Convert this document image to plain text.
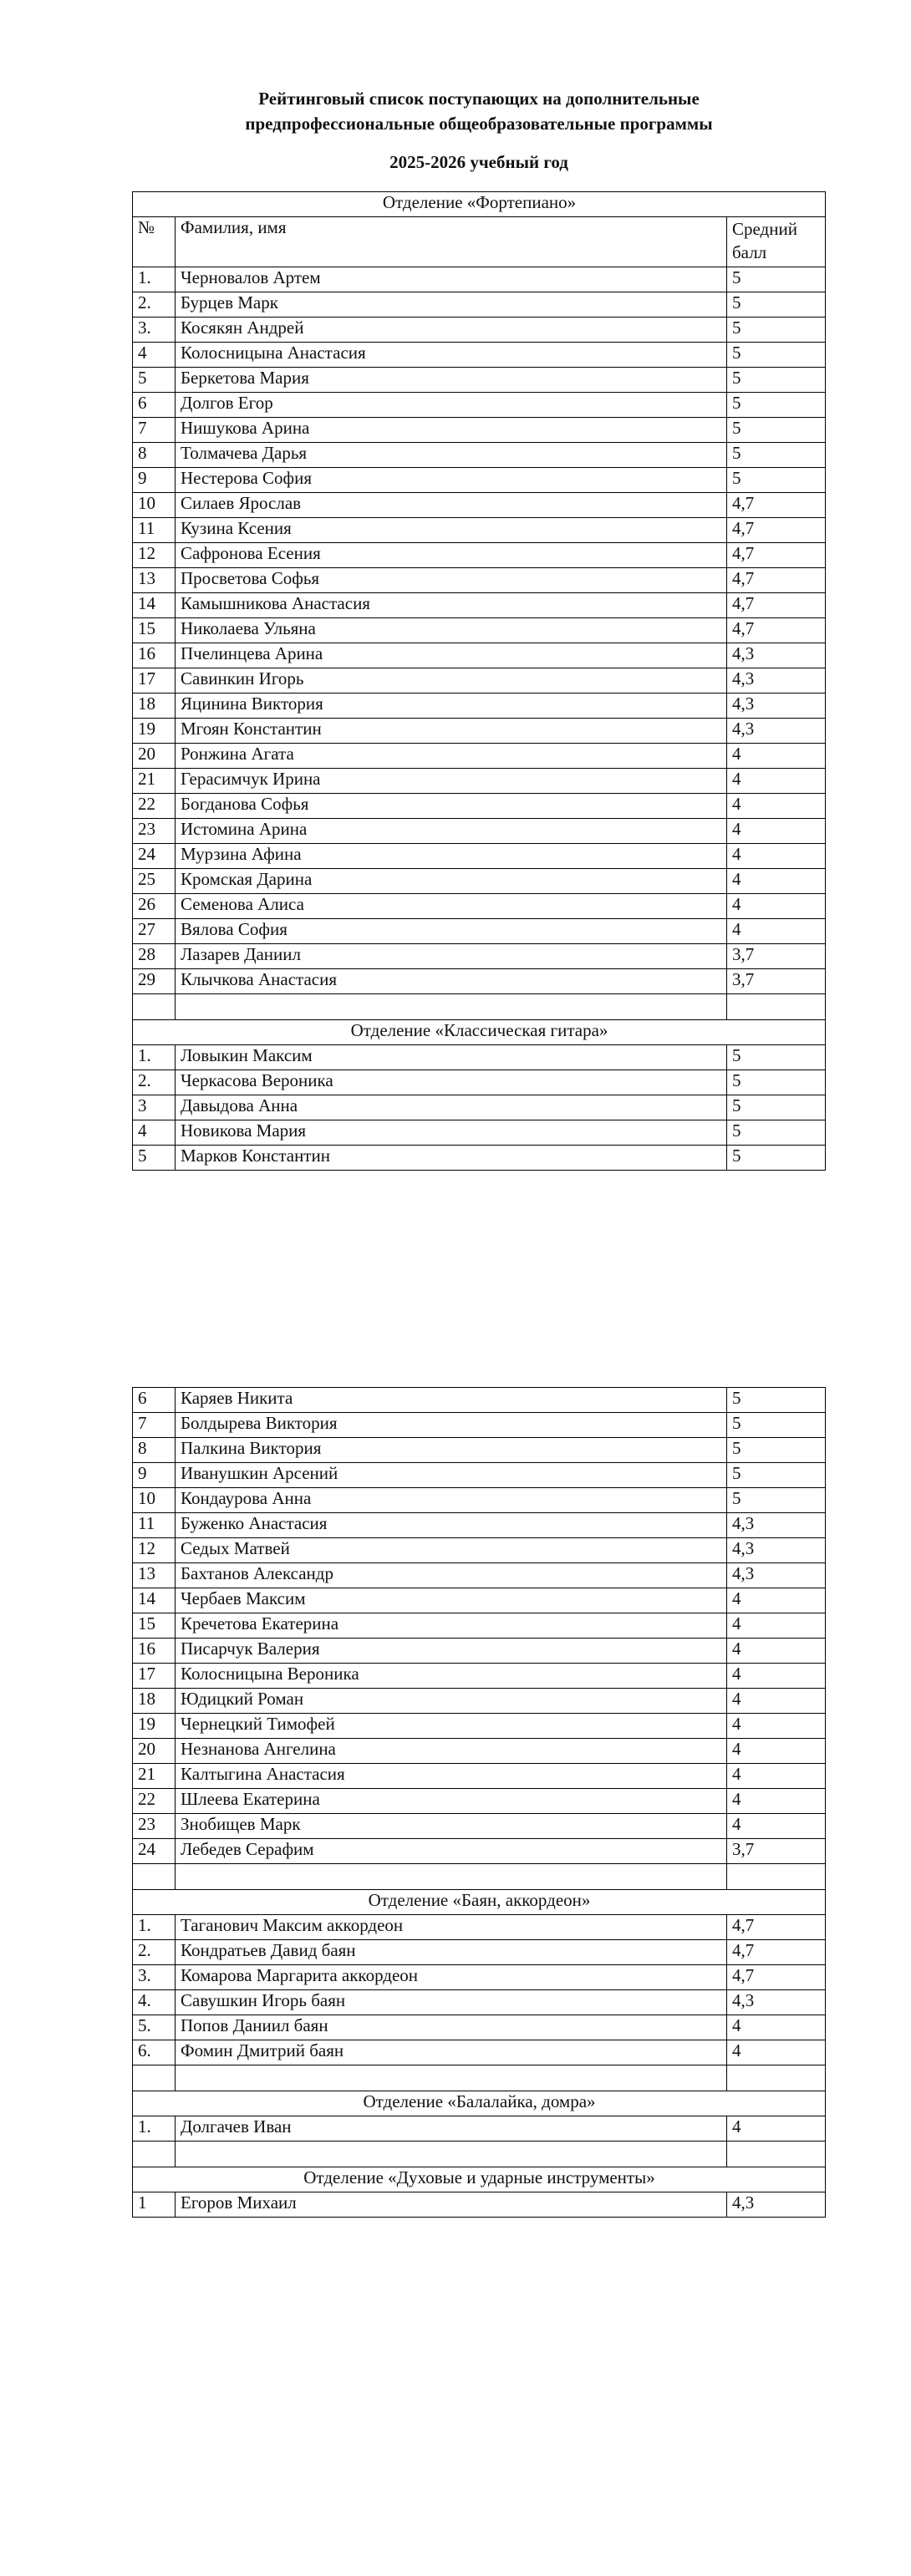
Рейтинговый список поступающих на дополнительные

предпрофессиональные общеобразовательные программы

2025-2026 учебный год

Отделение «Фортепиано»		
№	Фамилия, имя	Средний балл
1.	Черновалов Артем	5
2.	Бурцев Марк	5
3.	Косякян Андрей	5
4	Колосницына Анастасия	5
5	Беркетова Мария	5
6	Долгов Егор	5
7	Нишукова Арина	5
8	Толмачева Дарья	5
9	Нестерова София	5
10	Силаев Ярослав	4,7
11	Кузина Ксения	4,7
12	Сафронова Есения	4,7
13	Просветова Софья	4,7
14	Камышникова Анастасия	4,7
15	Николаева Ульяна	4,7
16	Пчелинцева Арина	4,3
17	Савинкин Игорь	4,3
18	Яцинина Виктория	4,3
19	Мгоян Константин	4,3
20	Ронжина Агата	4
21	Герасимчук Ирина	4
22	Богданова Софья	4
23	Истомина Арина	4
24	Мурзина Афина	4
25	Кромская Дарина	4
26	Семенова Алиса	4
27	Вялова София	4
28	Лазарев Даниил	3,7
29	Клычкова Анастасия	3,7

Отделение «Классическая гитара»		
1.	Ловыкин Максим	5
2.	Черкасова Вероника	5
3	Давыдова Анна	5
4	Новикова Мария	5
5	Марков Константин	5
6	Каряев Никита	5
7	Болдырева Виктория	5
8	Палкина Виктория	5
9	Иванушкин Арсений	5
10	Кондаурова Анна	5
11	Буженко Анастасия	4,3
12	Седых Матвей	4,3
13	Бахтанов Александр	4,3
14	Чербаев Максим	4
15	Кречетова Екатерина	4
16	Писарчук Валерия	4
17	Колосницына Вероника	4
18	Юдицкий Роман	4
19	Чернецкий Тимофей	4
20	Незнанова Ангелина	4
21	Калтыгина Анастасия	4
22	Шлеева Екатерина	4
23	Знобищев Марк	4
24	Лебедев Серафим	3,7

Отделение «Баян, аккордеон»		
1.	Таганович Максим аккордеон	4,7
2.	Кондратьев Давид баян	4,7
3.	Комарова Маргарита аккордеон	4,7
4.	Савушкин Игорь баян	4,3
5.	Попов Даниил баян	4
6.	Фомин Дмитрий баян	4

Отделение «Балалайка, домра»		
1.	Долгачев Иван	4

Отделение «Духовые и ударные инструменты»		
1	Егоров Михаил	4,3
